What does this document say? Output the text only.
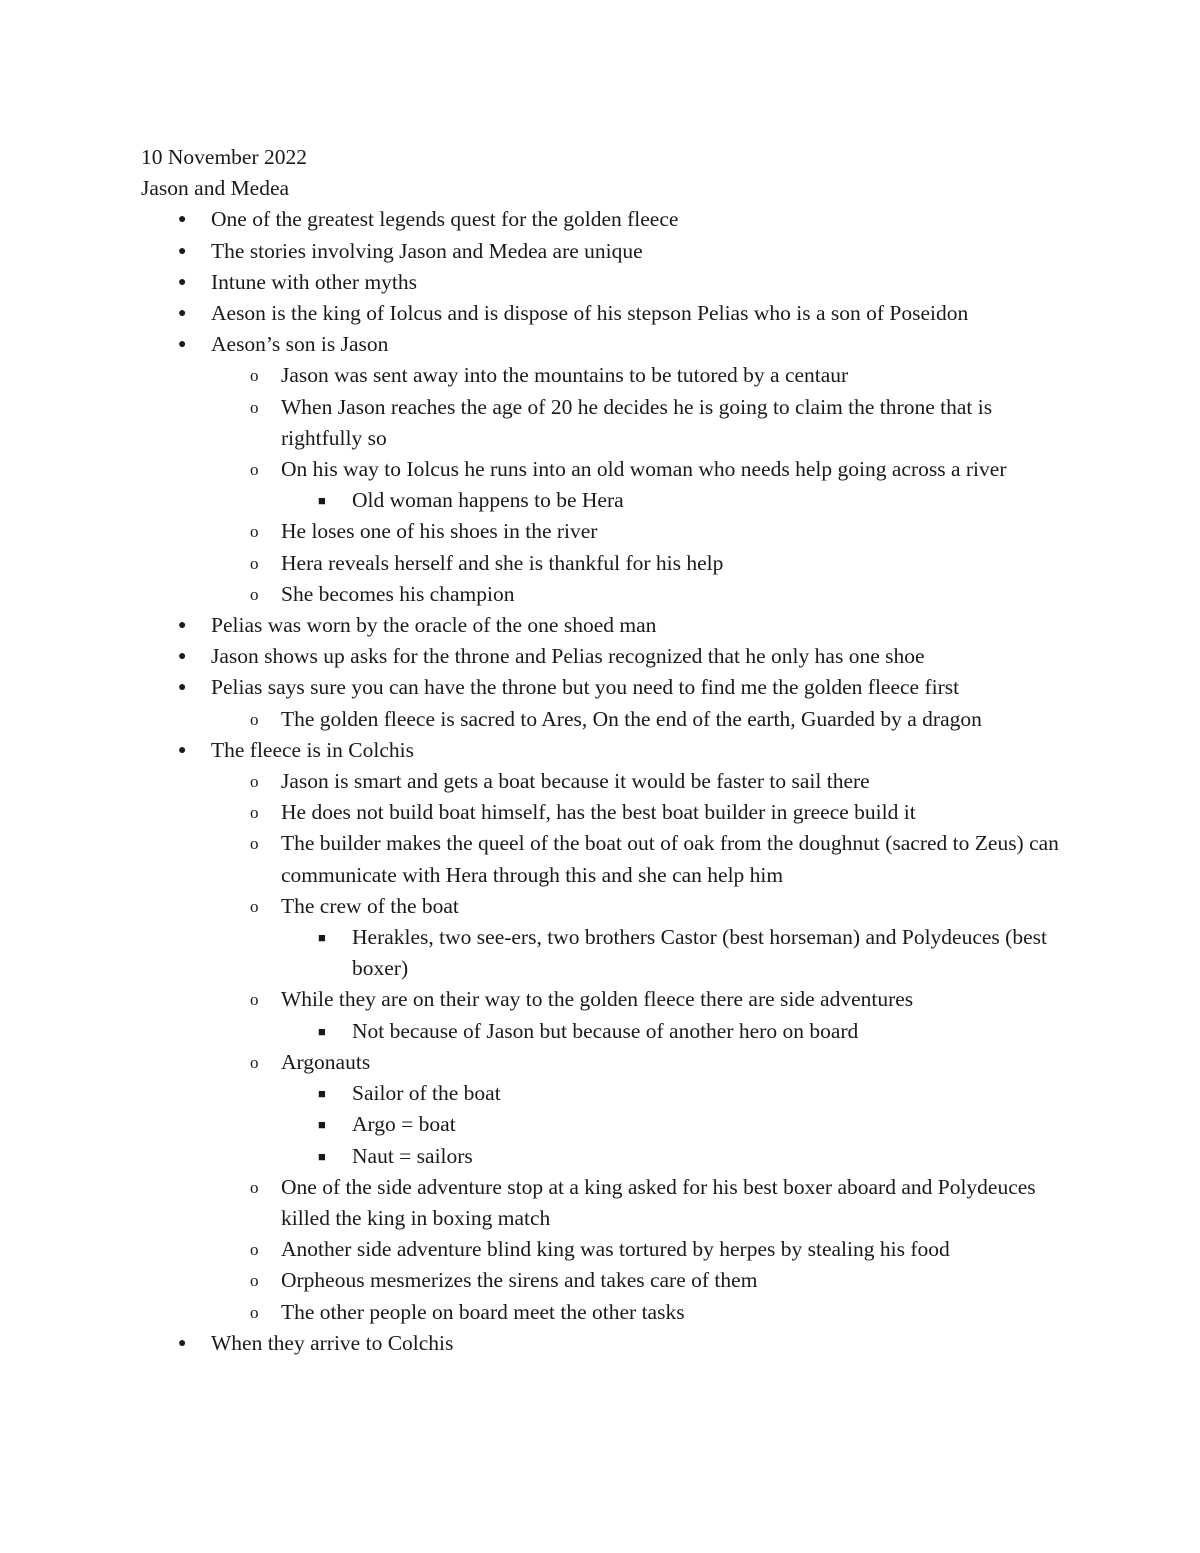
10 November 2022
Jason and Medea
●
One of the greatest legends quest for the golden fleece
●
The stories involving Jason and Medea are unique
●
Intune with other myths
●
Aeson is the king of Iolcus and is dispose of his stepson Pelias who is a son of Poseidon
●
Aeson’s son is Jason
o
Jason was sent away into the mountains to be tutored by a centaur
o
When Jason reaches the age of 20 he decides he is going to claim the throne that is rightfully so
o
On his way to Iolcus he runs into an old woman who needs help going across a river
■
Old woman happens to be Hera
o
He loses one of his shoes in the river
o
Hera reveals herself and she is thankful for his help
o
She becomes his champion
●
Pelias was worn by the oracle of the one shoed man
●
Jason shows up asks for the throne and Pelias recognized that he only has one shoe
●
Pelias says sure you can have the throne but you need to find me the golden fleece first
o
The golden fleece is sacred to Ares, On the end of the earth, Guarded by a dragon
●
The fleece is in Colchis
o
Jason is smart and gets a boat because it would be faster to sail there
o
He does not build boat himself, has the best boat builder in greece build it
o
The builder makes the queel of the boat out of oak from the doughnut (sacred to Zeus) can communicate with Hera through this and she can help him
o
The crew of the boat
■
Herakles, two see-ers, two brothers Castor (best horseman) and Polydeuces (best boxer)
o
While they are on their way to the golden fleece there are side adventures
■
Not because of Jason but because of another hero on board
o
Argonauts
■
Sailor of the boat
■
Argo = boat
■
Naut = sailors
o
One of the side adventure stop at a king asked for his best boxer aboard and Polydeuces killed the king in boxing match
o
Another side adventure blind king was tortured by herpes by stealing his food
o
Orpheous mesmerizes the sirens and takes care of them
o
The other people on board meet the other tasks
●
When they arrive to Colchis
